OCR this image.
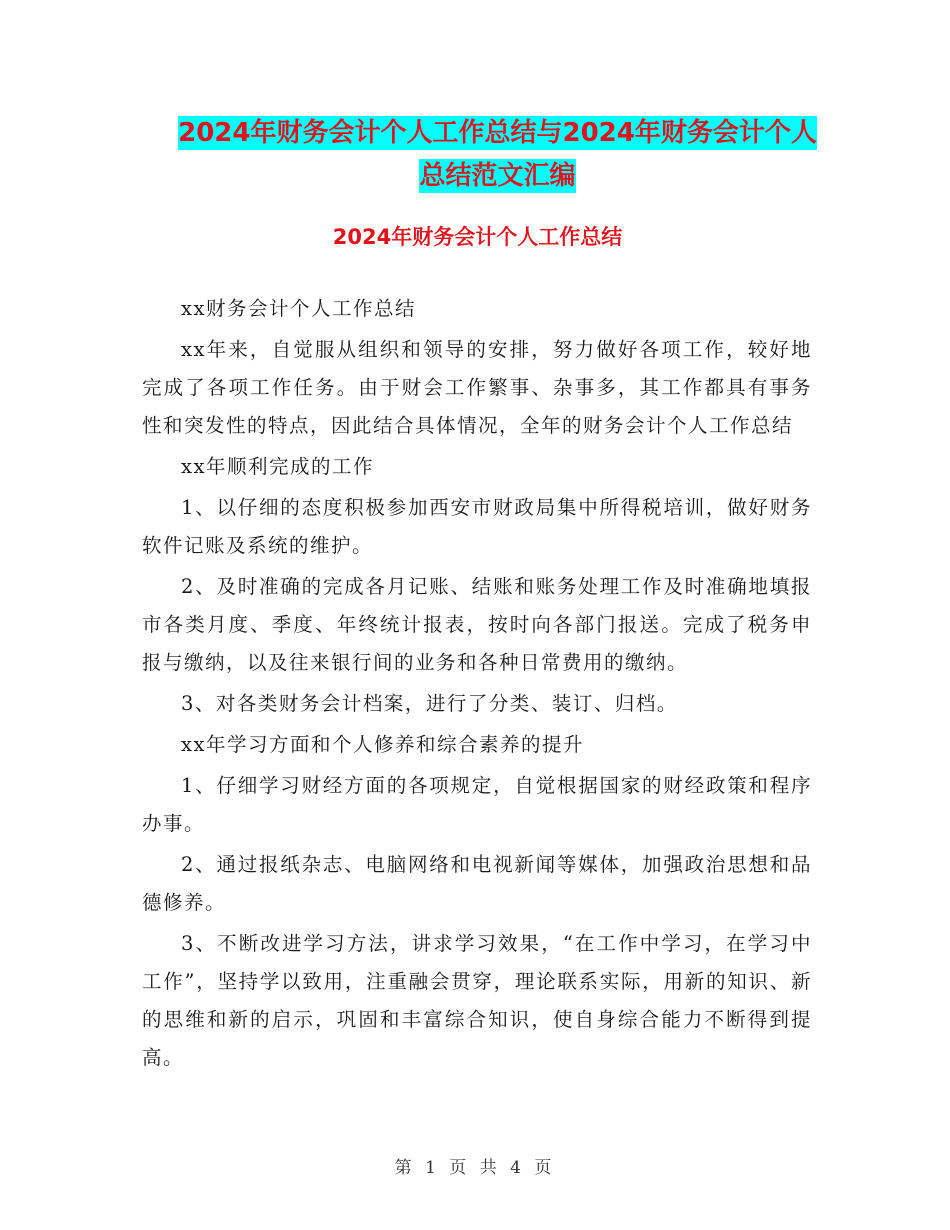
2024年财务会计个人工作总结与2024年财务会计个人
总结范文汇编
2024年财务会计个人工作总结

xx财务会计个人工作总结

xx年来，自觉服从组织和领导的安排，努力做好各项工作，较好地完成了各项工作任务。由于财会工作繁事、杂事多，其工作都具有事务性和突发性的特点，因此结合具体情况，全年的财务会计个人工作总结

xx年顺利完成的工作

1、以仔细的态度积极参加西安市财政局集中所得税培训，做好财务软件记账及系统的维护。

2、及时准确的完成各月记账、结账和账务处理工作及时准确地填报市各类月度、季度、年终统计报表，按时向各部门报送。完成了税务申报与缴纳，以及往来银行间的业务和各种日常费用的缴纳。

3、对各类财务会计档案，进行了分类、装订、归档。

xx年学习方面和个人修养和综合素养的提升

1、仔细学习财经方面的各项规定，自觉根据国家的财经政策和程序办事。

2、通过报纸杂志、电脑网络和电视新闻等媒体，加强政治思想和品德修养。

3、不断改进学习方法，讲求学习效果，“在工作中学习，在学习中工作”，坚持学以致用，注重融会贯穿，理论联系实际，用新的知识、新的思维和新的启示，巩固和丰富综合知识，使自身综合能力不断得到提高。

第 1 页 共 4 页
